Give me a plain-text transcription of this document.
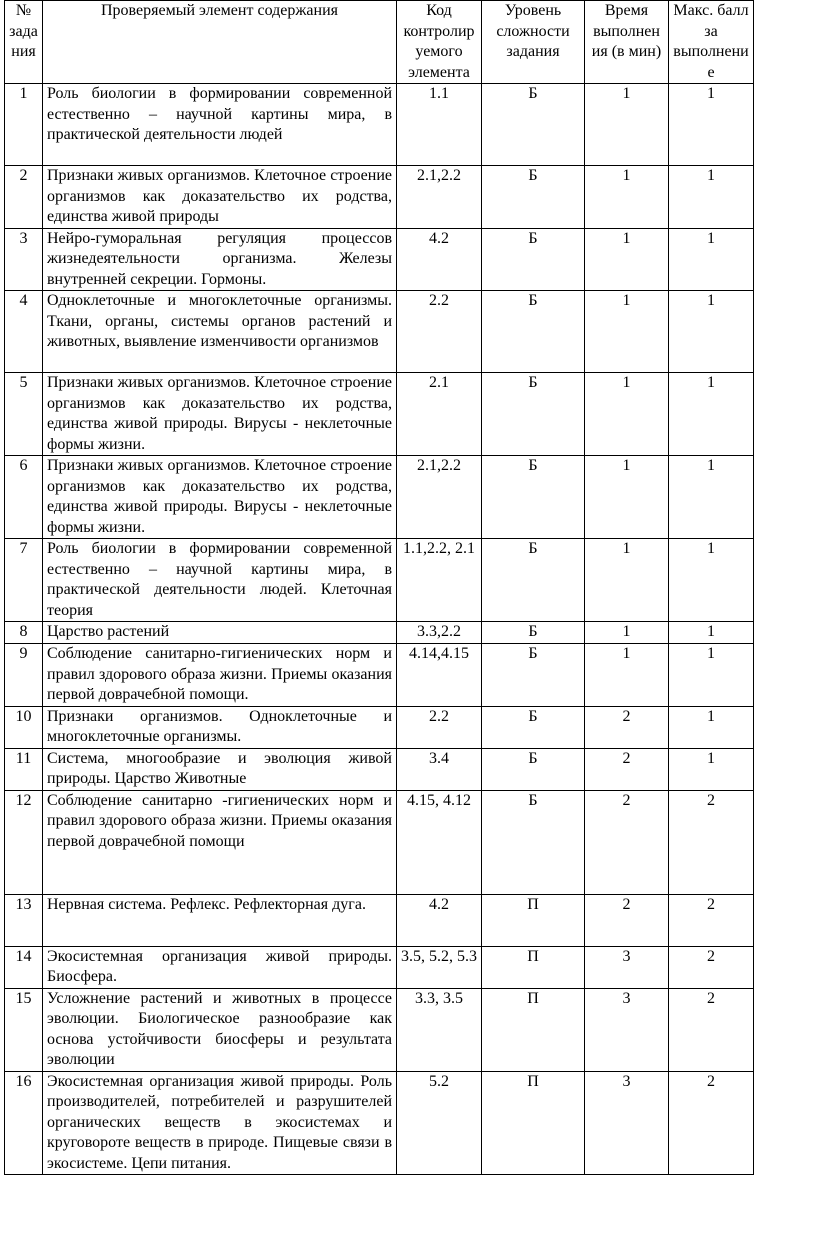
№ задания	Проверяемый элемент содержания	Код контролируемого элемента	Уровень сложности задания	Время выполнения (в мин)	Макс. балл за выполнение
1	Роль биологии в формировании современной естественно – научной картины мира, в практической деятельности людей	1.1	Б	1	1
2	Признаки живых организмов. Клеточное строение организмов как доказательство их родства, единства живой природы	2.1,2.2	Б	1	1
3	Нейро-гуморальная регуляция процессов жизнедеятельности организма. Железы внутренней секреции. Гормоны.	4.2	Б	1	1
4	Одноклеточные и многоклеточные организмы. Ткани, органы, системы органов растений и животных, выявление изменчивости организмов	2.2	Б	1	1
5	Признаки живых организмов. Клеточное строение организмов как доказательство их родства, единства живой природы. Вирусы - неклеточные формы жизни.	2.1	Б	1	1
6	Признаки живых организмов. Клеточное строение организмов как доказательство их родства, единства живой природы. Вирусы - неклеточные формы жизни.	2.1,2.2	Б	1	1
7	Роль биологии в формировании современной естественно – научной картины мира, в практической деятельности людей. Клеточная теория	1.1,2.2, 2.1	Б	1	1
8	Царство растений	3.3,2.2	Б	1	1
9	Соблюдение санитарно-гигиенических норм и правил здорового образа жизни. Приемы оказания первой доврачебной помощи.	4.14,4.15	Б	1	1
10	Признаки организмов. Одноклеточные и многоклеточные организмы.	2.2	Б	2	1
11	Система, многообразие и эволюция живой природы. Царство Животные	3.4	Б	2	1
12	Соблюдение санитарно -гигиенических норм и правил здорового образа жизни. Приемы оказания первой доврачебной помощи	4.15, 4.12	Б	2	2
13	Нервная система. Рефлекс. Рефлекторная дуга.	4.2	П	2	2
14	Экосистемная организация живой природы. Биосфера.	3.5, 5.2, 5.3	П	3	2
15	Усложнение растений и животных в процессе эволюции. Биологическое разнообразие как основа устойчивости биосферы и результата эволюции	3.3, 3.5	П	3	2
16	Экосистемная организация живой природы. Роль производителей, потребителей и разрушителей органических веществ в экосистемах и круговороте веществ в природе. Пищевые связи в экосистеме. Цепи питания.	5.2	П	3	2
